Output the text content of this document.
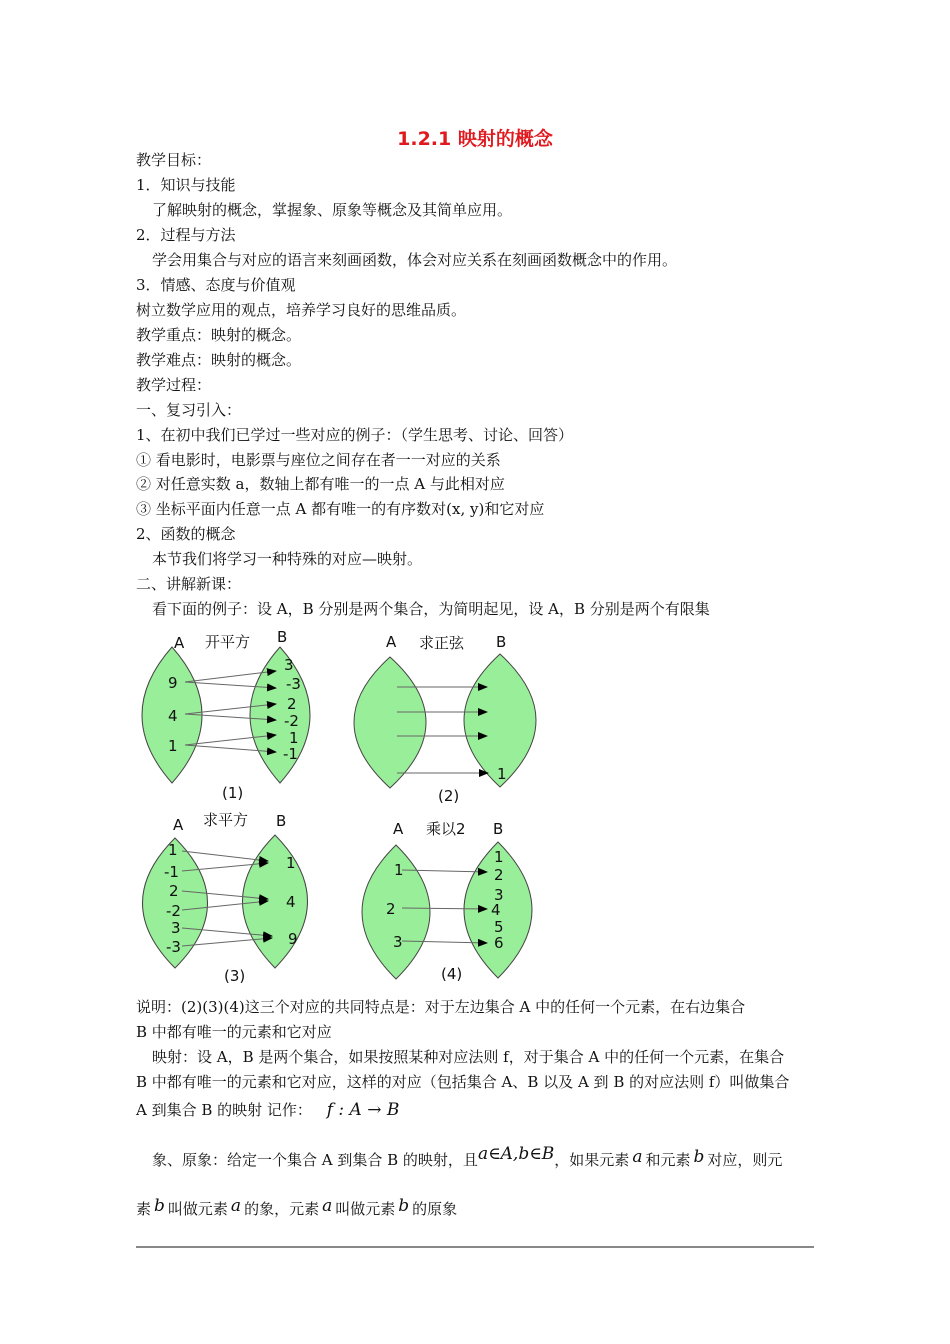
1.2.1 映射的概念
教学目标：
1．知识与技能
了解映射的概念，掌握象、原象等概念及其简单应用。
2．过程与方法
学会用集合与对应的语言来刻画函数，体会对应关系在刻画函数概念中的作用。
3．情感、态度与价值观
树立数学应用的观点，培养学习良好的思维品质。
教学重点：映射的概念。
教学难点：映射的概念。
教学过程：
一、复习引入：
1、在初中我们已学过一些对应的例子：（学生思考、讨论、回答）
① 看电影时，电影票与座位之间存在者一一对应的关系
② 对任意实数 a，数轴上都有唯一的一点 A 与此相对应
③ 坐标平面内任意一点 A 都有唯一的有序数对(x, y)和它对应
2、函数的概念
本节我们将学习一种特殊的对应—映射。
二、讲解新课：
看下面的例子：设 A，B 分别是两个集合，为简明起见，设 A，B 分别是两个有限集
A 开平方 B
9
4
1
3
-3
2
-2
1
-1
(1)
A 求正弦 B
1
(2)
A 求平方 B
1
-1
2
-2
3
-3
1
4
9
(3)
A 乘以2 B
1
2
3
1
2
3
4
5
6
(4)
说明：(2)(3)(4)这三个对应的共同特点是：对于左边集合 A 中的任何一个元素，在右边集合
B 中都有唯一的元素和它对应
映射：设 A，B 是两个集合，如果按照某种对应法则 f，对于集合 A 中的任何一个元素，在集合
B 中都有唯一的元素和它对应，这样的对应（包括集合 A、B 以及 A 到 B 的对应法则 f）叫做集合
A 到集合 B 的映射 记作： f : A → B
象、原象：给定一个集合 A 到集合 B 的映射，且a∈A,b∈B，如果元素 a 和元素 b 对应，则元
素 b 叫做元素 a 的象，元素 a 叫做元素 b 的原象
